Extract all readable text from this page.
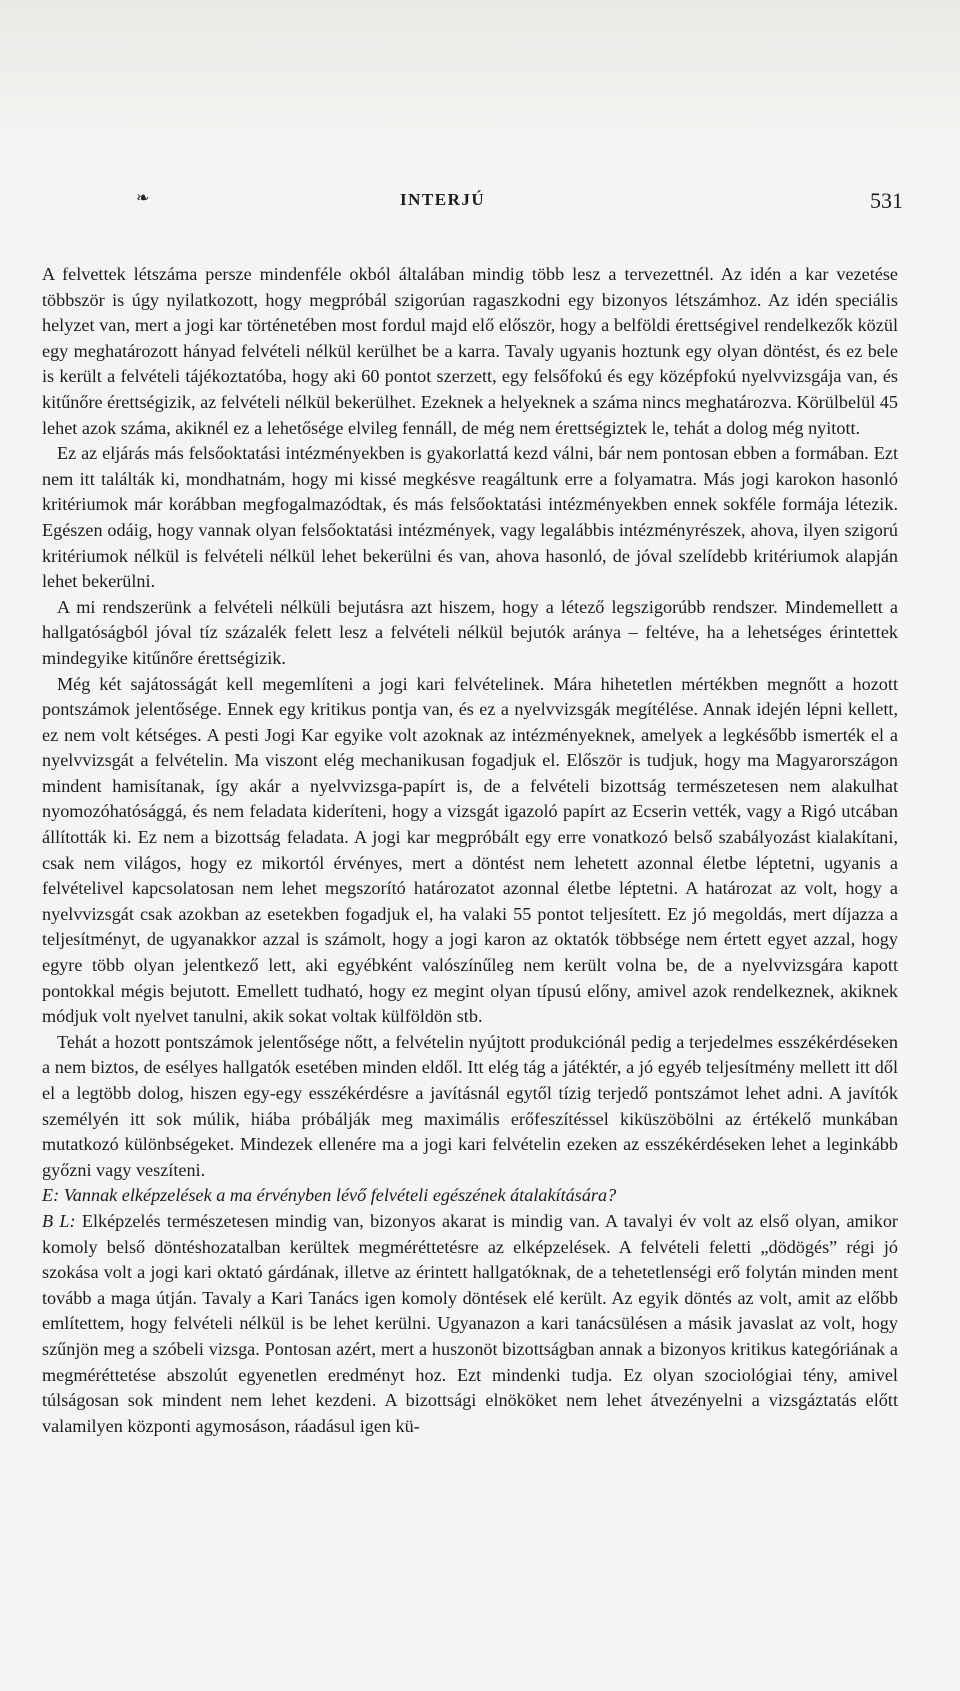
❧	INTERJÚ	531

A felvettek létszáma persze mindenféle okból általában mindig több lesz a tervezettnél. Az idén a kar vezetése többször is úgy nyilatkozott, hogy megpróbál szigorúan ragaszkodni egy bizonyos létszámhoz. Az idén speciális helyzet van, mert a jogi kar történetében most fordul majd elő először, hogy a belföldi érettségivel rendelkezők közül egy meghatározott hányad felvételi nélkül kerülhet be a karra. Tavaly ugyanis hoztunk egy olyan döntést, és ez bele is került a felvételi tájékoztatóba, hogy aki 60 pontot szerzett, egy felsőfokú és egy középfokú nyelvvizsgája van, és kitűnőre érettségizik, az felvételi nélkül bekerülhet. Ezeknek a helyeknek a száma nincs meghatározva. Körülbelül 45 lehet azok száma, akiknél ez a lehetősége elvileg fennáll, de még nem érettségiztek le, tehát a dolog még nyitott.

Ez az eljárás más felsőoktatási intézményekben is gyakorlattá kezd válni, bár nem pontosan ebben a formában. Ezt nem itt találták ki, mondhatnám, hogy mi kissé megkésve reagáltunk erre a folyamatra. Más jogi karokon hasonló kritériumok már korábban megfogalmazódtak, és más felsőoktatási intézményekben ennek sokféle formája létezik. Egészen odáig, hogy vannak olyan felsőoktatási intézmények, vagy legalábbis intézményrészek, ahova, ilyen szigorú kritériumok nélkül is felvételi nélkül lehet bekerülni és van, ahova hasonló, de jóval szelídebb kritériumok alapján lehet bekerülni.

A mi rendszerünk a felvételi nélküli bejutásra azt hiszem, hogy a létező legszigorúbb rendszer. Mindemellett a hallgatóságból jóval tíz százalék felett lesz a felvételi nélkül bejutók aránya – feltéve, ha a lehetséges érintettek mindegyike kitűnőre érettségizik.

Még két sajátosságát kell megemlíteni a jogi kari felvételinek. Mára hihetetlen mértékben megnőtt a hozott pontszámok jelentősége. Ennek egy kritikus pontja van, és ez a nyelvvizsgák megítélése. Annak idején lépni kellett, ez nem volt kétséges. A pesti Jogi Kar egyike volt azoknak az intézményeknek, amelyek a legkésőbb ismerték el a nyelvvizsgát a felvételin. Ma viszont elég mechanikusan fogadjuk el. Először is tudjuk, hogy ma Magyarországon mindent hamisítanak, így akár a nyelvvizsga-papírt is, de a felvételi bizottság természetesen nem alakulhat nyomozóhatósággá, és nem feladata kideríteni, hogy a vizsgát igazoló papírt az Ecserin vették, vagy a Rigó utcában állították ki. Ez nem a bizottság feladata. A jogi kar megpróbált egy erre vonatkozó belső szabályozást kialakítani, csak nem világos, hogy ez mikortól érvényes, mert a döntést nem lehetett azonnal életbe léptetni, ugyanis a felvételivel kapcsolatosan nem lehet megszorító határozatot azonnal életbe léptetni. A határozat az volt, hogy a nyelvvizsgát csak azokban az esetekben fogadjuk el, ha valaki 55 pontot teljesített. Ez jó megoldás, mert díjazza a teljesítményt, de ugyanakkor azzal is számolt, hogy a jogi karon az oktatók többsége nem értett egyet azzal, hogy egyre több olyan jelentkező lett, aki egyébként valószínűleg nem került volna be, de a nyelvvizsgára kapott pontokkal mégis bejutott. Emellett tudható, hogy ez megint olyan típusú előny, amivel azok rendelkeznek, akiknek módjuk volt nyelvet tanulni, akik sokat voltak külföldön stb.

Tehát a hozott pontszámok jelentősége nőtt, a felvételin nyújtott produkciónál pedig a terjedelmes esszékérdéseken a nem biztos, de esélyes hallgatók esetében minden eldől. Itt elég tág a játéktér, a jó egyéb teljesítmény mellett itt dől el a legtöbb dolog, hiszen egy-egy esszékérdésre a javításnál egytől tízig terjedő pontszámot lehet adni. A javítók személyén itt sok múlik, hiába próbálják meg maximális erőfeszítéssel kiküszöbölni az értékelő munkában mutatkozó különbségeket. Mindezek ellenére ma a jogi kari felvételin ezeken az esszékérdéseken lehet a leginkább győzni vagy veszíteni.

E: Vannak elképzelések a ma érvényben lévő felvételi egészének átalakítására?

B L: Elképzelés természetesen mindig van, bizonyos akarat is mindig van. A tavalyi év volt az első olyan, amikor komoly belső döntéshozatalban kerültek megméréttetésre az elképzelések. A felvételi feletti „dödögés” régi jó szokása volt a jogi kari oktató gárdának, illetve az érintett hallgatóknak, de a tehetetlenségi erő folytán minden ment tovább a maga útján. Tavaly a Kari Tanács igen komoly döntések elé került. Az egyik döntés az volt, amit az előbb említettem, hogy felvételi nélkül is be lehet kerülni. Ugyanazon a kari tanácsülésen a másik javaslat az volt, hogy szűnjön meg a szóbeli vizsga. Pontosan azért, mert a huszonöt bizottságban annak a bizonyos kritikus kategóriának a megméréttetése abszolút egyenetlen eredményt hoz. Ezt mindenki tudja. Ez olyan szociológiai tény, amivel túlságosan sok mindent nem lehet kezdeni. A bizottsági elnököket nem lehet átvezényelni a vizsgáztatás előtt valamilyen központi agymosáson, ráadásul igen kü-
